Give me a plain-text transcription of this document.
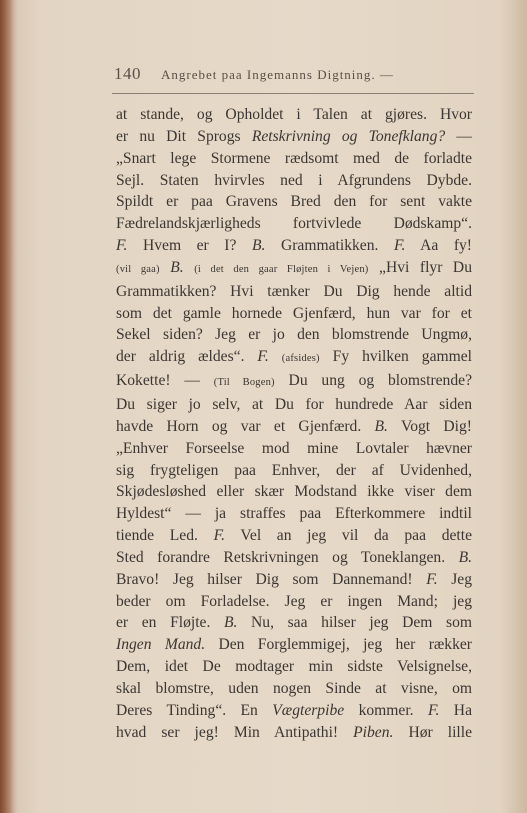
140 Angrebet paa Ingemanns Digtning. —
at stande, og Opholdet i Talen at gjøres. Hvor
er nu Dit Sprogs Retskrivning og Tonefklang? —
„Snart lege Stormene rædsomt med de forladte
Sejl. Staten hvirvles ned i Afgrundens Dybde.
Spildt er paa Gravens Bred den for sent vakte
Fædrelandskjærligheds fortvivlede Dødskamp“.
F. Hvem er I? B. Grammatikken. F. Aa fy!
(vil gaa) B. (i det den gaar Fløjten i Vejen) „Hvi flyr Du
Grammatikken? Hvi tænker Du Dig hende altid
som det gamle hornede Gjenfærd, hun var for et
Sekel siden? Jeg er jo den blomstrende Ungmø,
der aldrig ældes“. F. (afsides) Fy hvilken gammel
Kokette! — (Til Bogen) Du ung og blomstrende?
Du siger jo selv, at Du for hundrede Aar siden
havde Horn og var et Gjenfærd. B. Vogt Dig!
„Enhver Forseelse mod mine Lovtaler hævner
sig frygteligen paa Enhver, der af Uvidenhed,
Skjødesløshed eller skær Modstand ikke viser dem
Hyldest“ — ja straffes paa Efterkommere indtil
tiende Led. F. Vel an jeg vil da paa dette
Sted forandre Retskrivningen og Toneklangen. B.
Bravo! Jeg hilser Dig som Dannemand! F. Jeg
beder om Forladelse. Jeg er ingen Mand; jeg
er en Fløjte. B. Nu, saa hilser jeg Dem som
Ingen Mand. Den Forglemmigej, jeg her rækker
Dem, idet De modtager min sidste Velsignelse,
skal blomstre, uden nogen Sinde at visne, om
Deres Tinding“. En Vægterpibe kommer. F. Ha
hvad ser jeg! Min Antipathi! Piben. Hør lille
